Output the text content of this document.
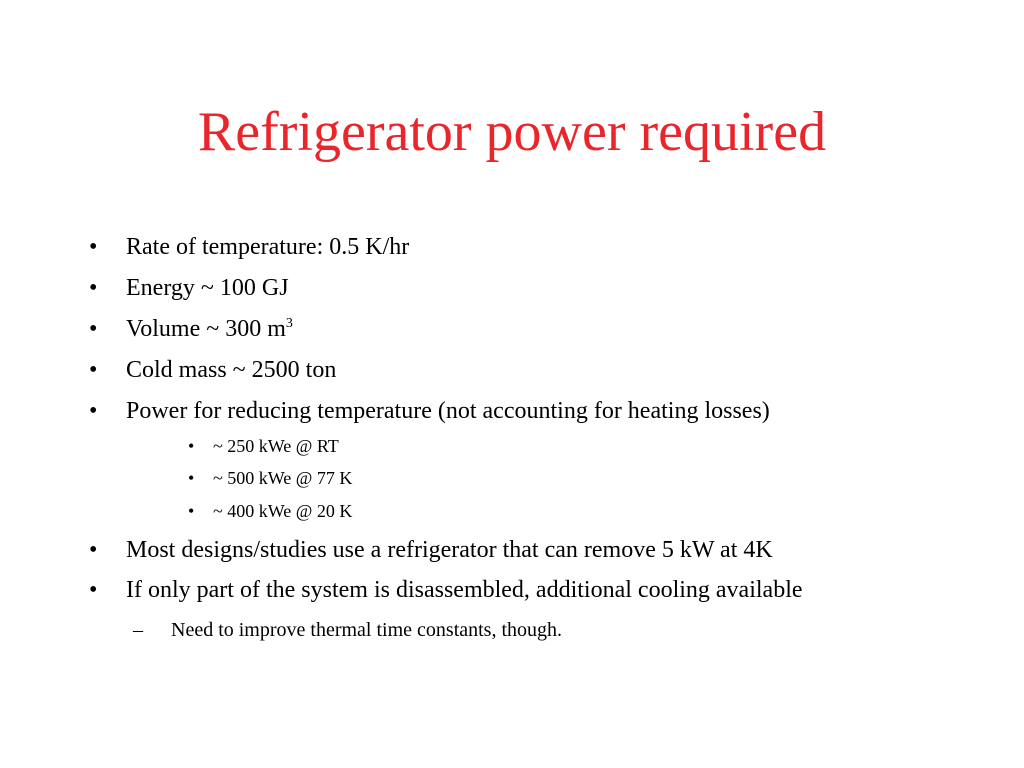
Refrigerator power required
• Rate of temperature: 0.5 K/hr
• Energy ~ 100 GJ
• Volume ~ 300 $m^3$
• Cold mass ~ 2500 ton
• Power for reducing temperature (not accounting for heating losses)
• ~ 250 kWe @ RT
• ~ 500 kWe @ 77 K
• ~ 400 kWe @ 20 K
• Most designs/studies use a refrigerator that can remove 5 kW at 4K
• If only part of the system is disassembled, additional cooling available
– Need to improve thermal time constants, though.
